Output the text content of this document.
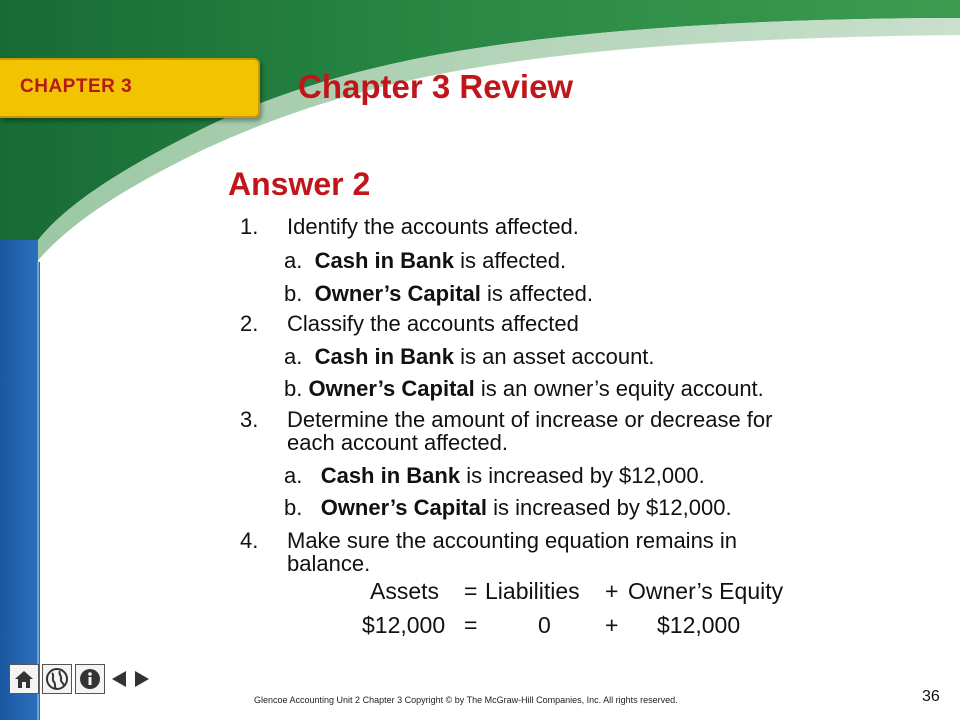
CHAPTER 3	Chapter 3 Review
Answer 2
1. Identify the accounts affected.
a. Cash in Bank is affected.
b. Owner’s Capital is affected.
2. Classify the accounts affected
a. Cash in Bank is an asset account.
b. Owner’s Capital is an owner’s equity account.
3. Determine the amount of increase or decrease for
each account affected.
a. Cash in Bank is increased by $12,000.
b. Owner’s Capital is increased by $12,000.
4. Make sure the accounting equation remains in
balance.
Assets = Liabilities + Owner’s Equity
$12,000 =	0 + $12,000
Glencoe Accounting Unit 2 Chapter 3 Copyright © by The McGraw-Hill Companies, Inc. All rights reserved.	36
